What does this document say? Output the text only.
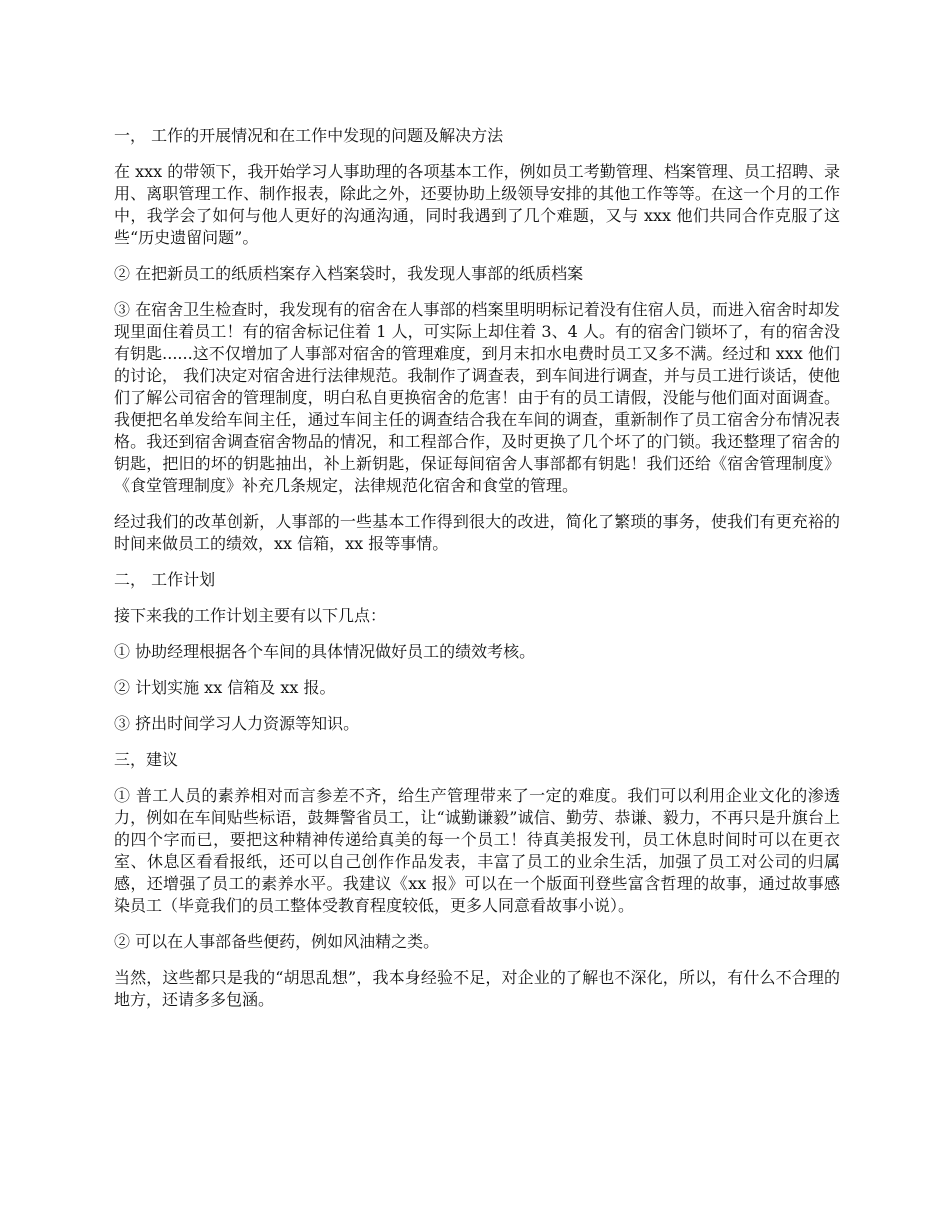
一， 工作的开展情况和在工作中发现的问题及解决方法

在 xxx 的带领下，我开始学习人事助理的各项基本工作，例如员工考勤管理、档案管理、员工招聘、录用、离职管理工作、制作报表，除此之外，还要协助上级领导安排的其他工作等等。在这一个月的工作中，我学会了如何与他人更好的沟通沟通，同时我遇到了几个难题，又与 xxx 他们共同合作克服了这些“历史遗留问题”。

② 在把新员工的纸质档案存入档案袋时，我发现人事部的纸质档案

③ 在宿舍卫生检查时，我发现有的宿舍在人事部的档案里明明标记着没有住宿人员，而进入宿舍时却发现里面住着员工！有的宿舍标记住着 1 人，可实际上却住着 3、4 人。有的宿舍门锁坏了，有的宿舍没有钥匙......这不仅增加了人事部对宿舍的管理难度，到月末扣水电费时员工又多不满。经过和 xxx 他们的讨论， 我们决定对宿舍进行法律规范。我制作了调查表，到车间进行调查，并与员工进行谈话，使他们了解公司宿舍的管理制度，明白私自更换宿舍的危害！由于有的员工请假，没能与他们面对面调查。我便把名单发给车间主任，通过车间主任的调查结合我在车间的调查，重新制作了员工宿舍分布情况表格。我还到宿舍调查宿舍物品的情况，和工程部合作，及时更换了几个坏了的门锁。我还整理了宿舍的钥匙，把旧的坏的钥匙抽出，补上新钥匙，保证每间宿舍人事部都有钥匙！我们还给《宿舍管理制度》《食堂管理制度》补充几条规定，法律规范化宿舍和食堂的管理。

经过我们的改革创新，人事部的一些基本工作得到很大的改进，简化了繁琐的事务，使我们有更充裕的时间来做员工的绩效，xx 信箱，xx 报等事情。

二， 工作计划

接下来我的工作计划主要有以下几点：

① 协助经理根据各个车间的具体情况做好员工的绩效考核。

② 计划实施 xx 信箱及 xx 报。

③ 挤出时间学习人力资源等知识。

三，建议

① 普工人员的素养相对而言参差不齐，给生产管理带来了一定的难度。我们可以利用企业文化的渗透力，例如在车间贴些标语，鼓舞警省员工，让“诚勤谦毅”诚信、勤劳、恭谦、毅力，不再只是升旗台上的四个字而已，要把这种精神传递给真美的每一个员工！待真美报发刊，员工休息时间时可以在更衣室、休息区看看报纸，还可以自己创作作品发表，丰富了员工的业余生活，加强了员工对公司的归属感，还增强了员工的素养水平。我建议《xx 报》可以在一个版面刊登些富含哲理的故事，通过故事感染员工（毕竟我们的员工整体受教育程度较低，更多人同意看故事小说）。

② 可以在人事部备些便药，例如风油精之类。

当然，这些都只是我的“胡思乱想”，我本身经验不足，对企业的了解也不深化，所以，有什么不合理的地方，还请多多包涵。
